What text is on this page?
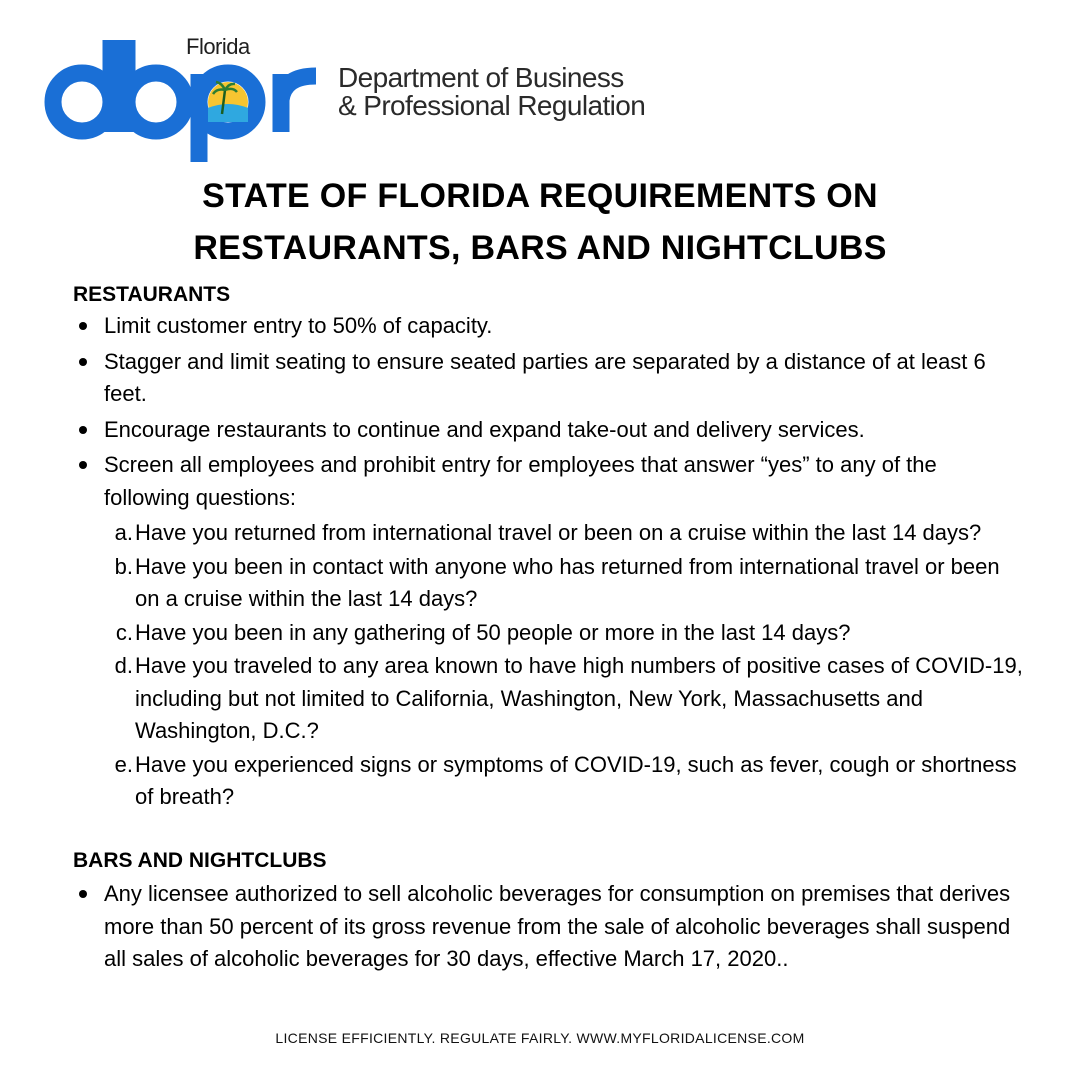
Florida
Department of Business
& Professional Regulation
STATE OF FLORIDA REQUIREMENTS ON
RESTAURANTS, BARS AND NIGHTCLUBS
RESTAURANTS
Limit customer entry to 50% of capacity.
Stagger and limit seating to ensure seated parties are separated by a distance of at least 6 feet.
Encourage restaurants to continue and expand take-out and delivery services.
Screen all employees and prohibit entry for employees that answer “yes” to any of the following questions:
a. Have you returned from international travel or been on a cruise within the last 14 days?
b. Have you been in contact with anyone who has returned from international travel or been on a cruise within the last 14 days?
c. Have you been in any gathering of 50 people or more in the last 14 days?
d. Have you traveled to any area known to have high numbers of positive cases of COVID-19, including but not limited to California, Washington, New York, Massachusetts and Washington, D.C.?
e. Have you experienced signs or symptoms of COVID-19, such as fever, cough or shortness of breath?
BARS AND NIGHTCLUBS
Any licensee authorized to sell alcoholic beverages for consumption on premises that derives more than 50 percent of its gross revenue from the sale of alcoholic beverages shall suspend all sales of alcoholic beverages for 30 days, effective March 17, 2020..
LICENSE EFFICIENTLY. REGULATE FAIRLY. WWW.MYFLORIDALICENSE.COM
